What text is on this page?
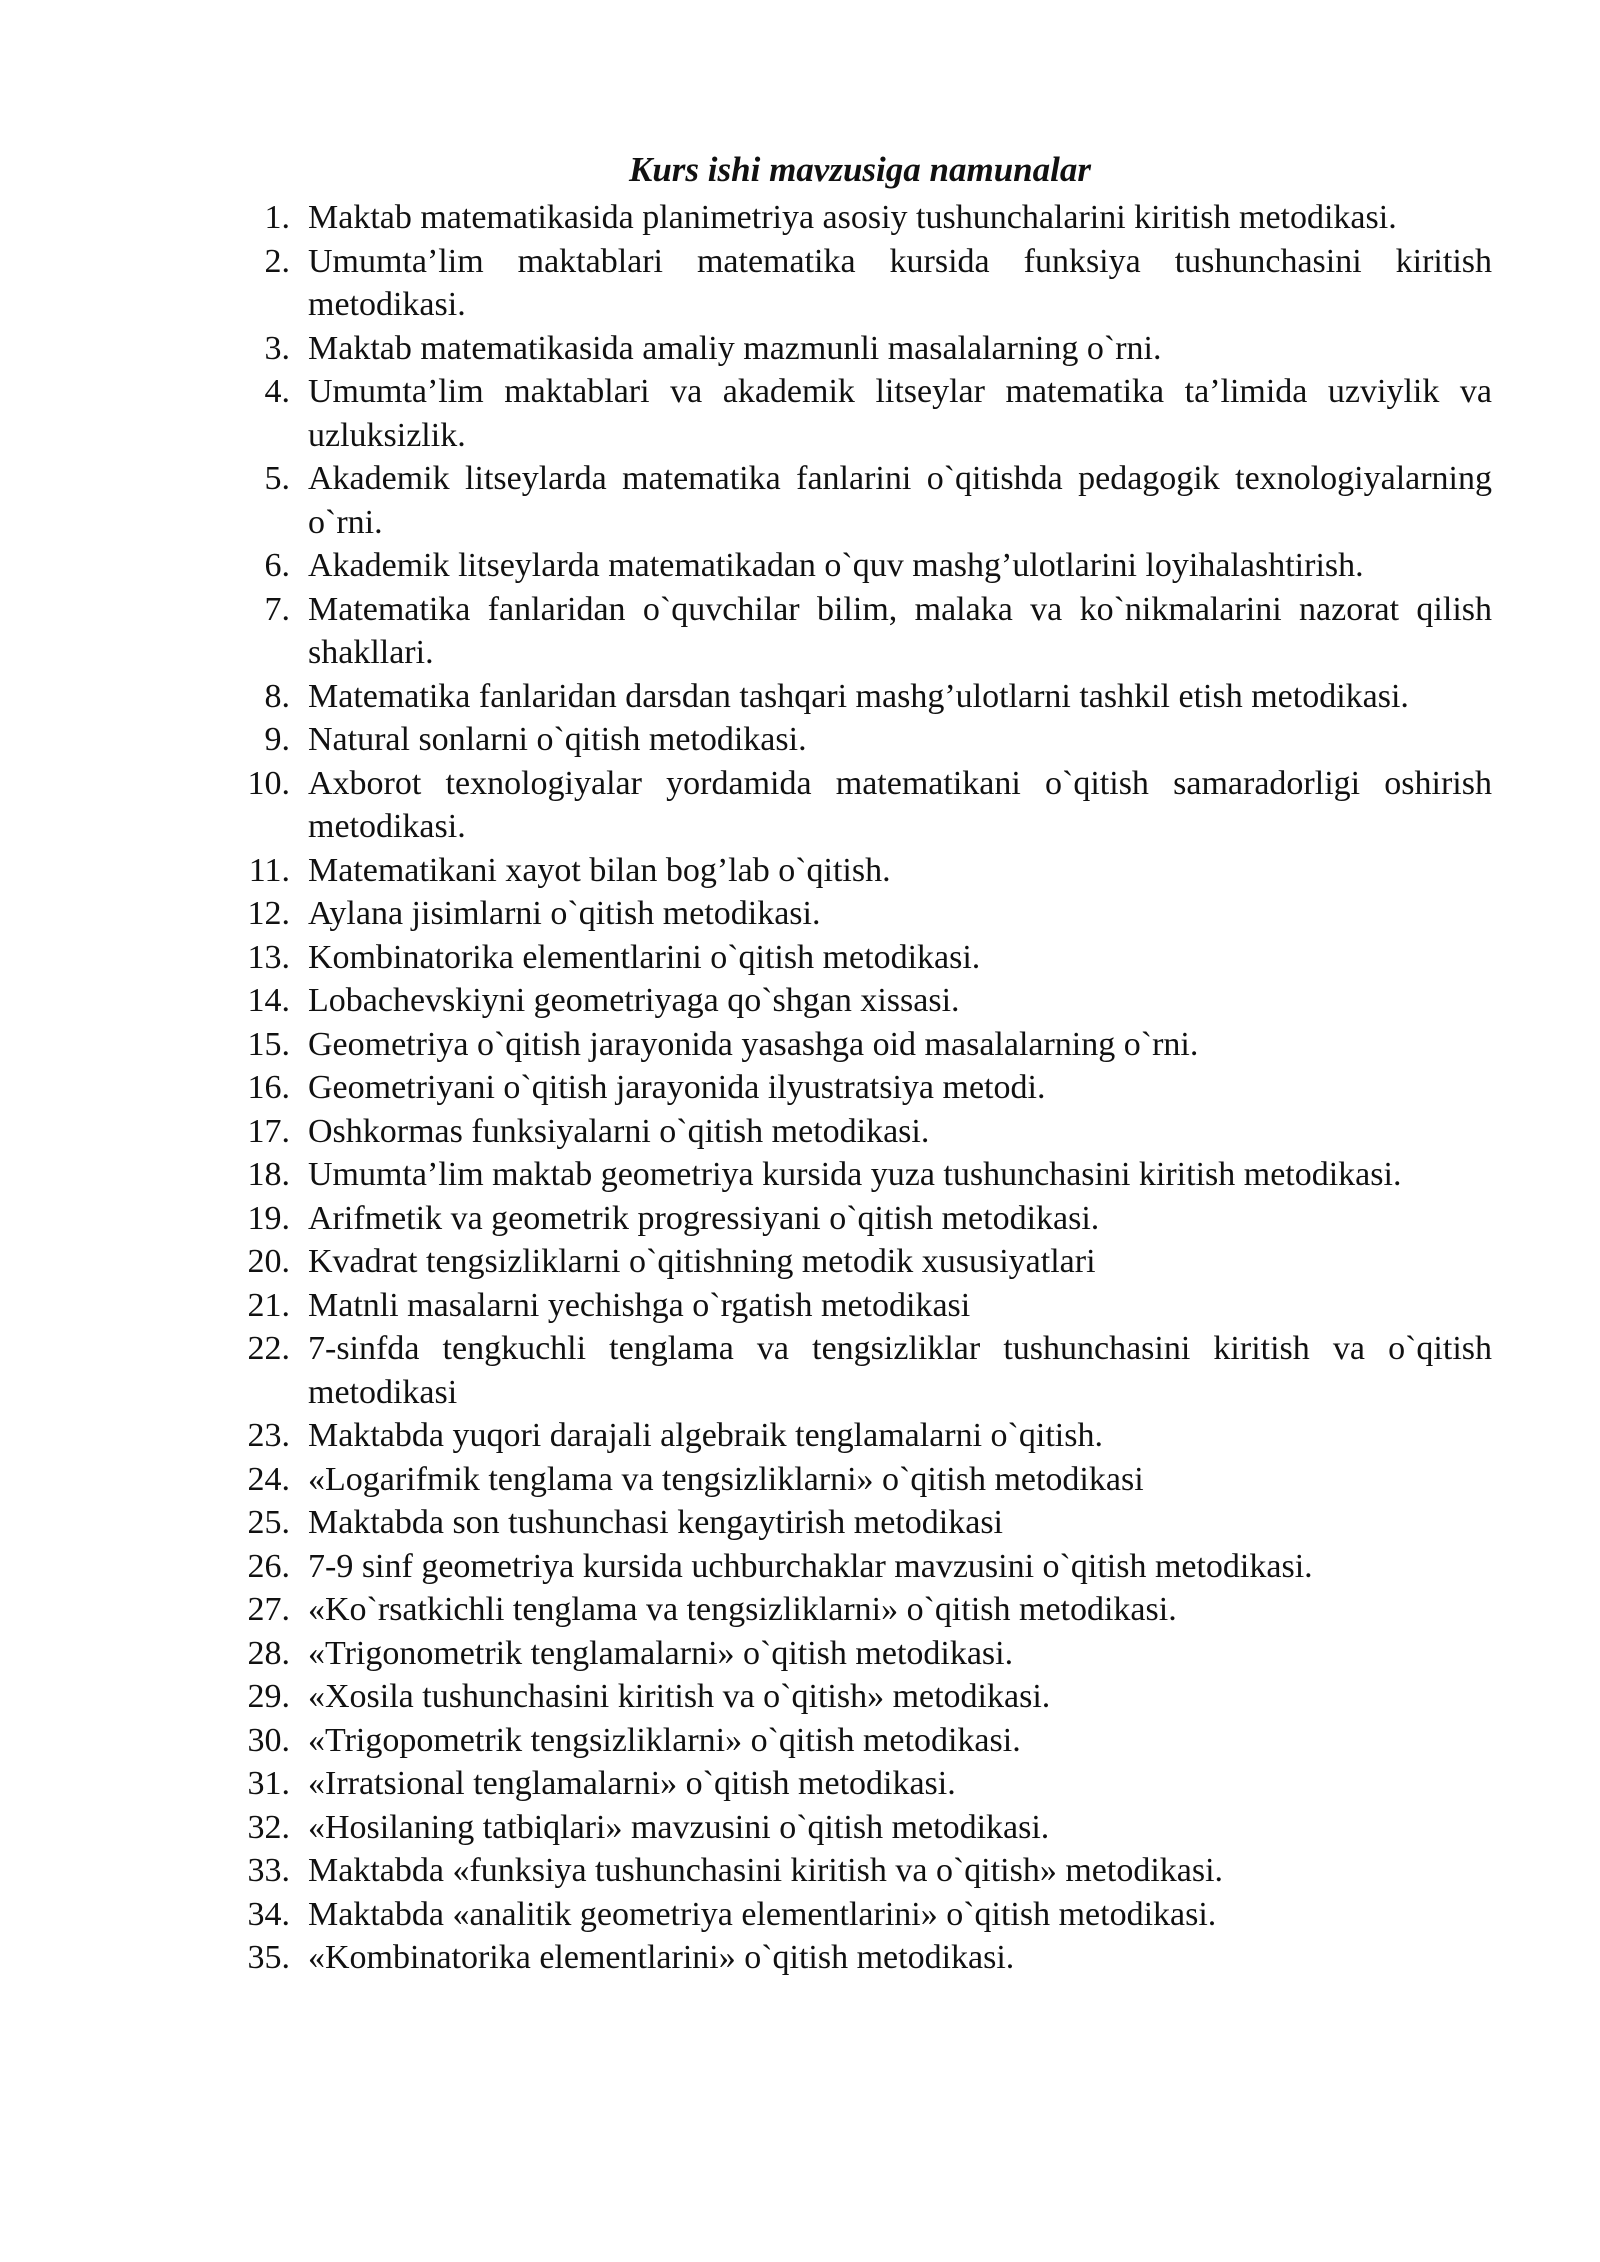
Kurs ishi mavzusiga namunalar
1. Maktab matematikasida planimetriya asosiy tushunchalarini kiritish metodikasi.
2. Umumta’lim maktablari matematika kursida funksiya tushunchasini kiritish metodikasi.
3. Maktab matematikasida amaliy mazmunli masalalarning o`rni.
4. Umumta’lim maktablari va akademik litseylar matematika ta’limida uzviylik va uzluksizlik.
5. Akademik litseylarda matematika fanlarini o`qitishda pedagogik texnologiyalarning o`rni.
6. Akademik litseylarda matematikadan o`quv mashg’ulotlarini loyihalashtirish.
7. Matematika fanlaridan o`quvchilar bilim, malaka va ko`nikmalarini nazorat qilish shakllari.
8. Matematika fanlaridan darsdan tashqari mashg’ulotlarni tashkil etish metodikasi.
9. Natural sonlarni o`qitish metodikasi.
10. Axborot texnologiyalar yordamida matematikani o`qitish samaradorligi oshirish metodikasi.
11. Matematikani xayot bilan bog’lab o`qitish.
12. Aylana jisimlarni o`qitish metodikasi.
13. Kombinatorika elementlarini o`qitish metodikasi.
14. Lobachevskiyni geometriyaga qo`shgan xissasi.
15. Geometriya o`qitish jarayonida yasashga oid masalalarning o`rni.
16. Geometriyani o`qitish jarayonida ilyustratsiya metodi.
17. Oshkormas funksiyalarni o`qitish metodikasi.
18. Umumta’lim maktab geometriya kursida yuza tushunchasini kiritish metodikasi.
19. Arifmetik va geometrik progressiyani o`qitish metodikasi.
20. Kvadrat tengsizliklarni o`qitishning metodik xususiyatlari
21. Matnli masalarni yechishga o`rgatish metodikasi
22. 7-sinfda tengkuchli tenglama va tengsizliklar tushunchasini kiritish va o`qitish metodikasi
23. Maktabda yuqori darajali algebraik tenglamalarni o`qitish.
24. «Logarifmik tenglama va tengsizliklarni» o`qitish metodikasi
25. Maktabda son tushunchasi kengaytirish metodikasi
26. 7-9 sinf geometriya kursida uchburchaklar mavzusini o`qitish metodikasi.
27. «Ko`rsatkichli tenglama va tengsizliklarni» o`qitish metodikasi.
28. «Trigonometrik tenglamalarni» o`qitish metodikasi.
29. «Xosila tushunchasini kiritish va o`qitish» metodikasi.
30. «Trigopometrik tengsizliklarni» o`qitish metodikasi.
31. «Irratsional tenglamalarni» o`qitish metodikasi.
32. «Hosilaning tatbiqlari» mavzusini o`qitish metodikasi.
33. Maktabda «funksiya tushunchasini kiritish va o`qitish» metodikasi.
34. Maktabda «analitik geometriya elementlarini» o`qitish metodikasi.
35. «Kombinatorika elementlarini» o`qitish metodikasi.
